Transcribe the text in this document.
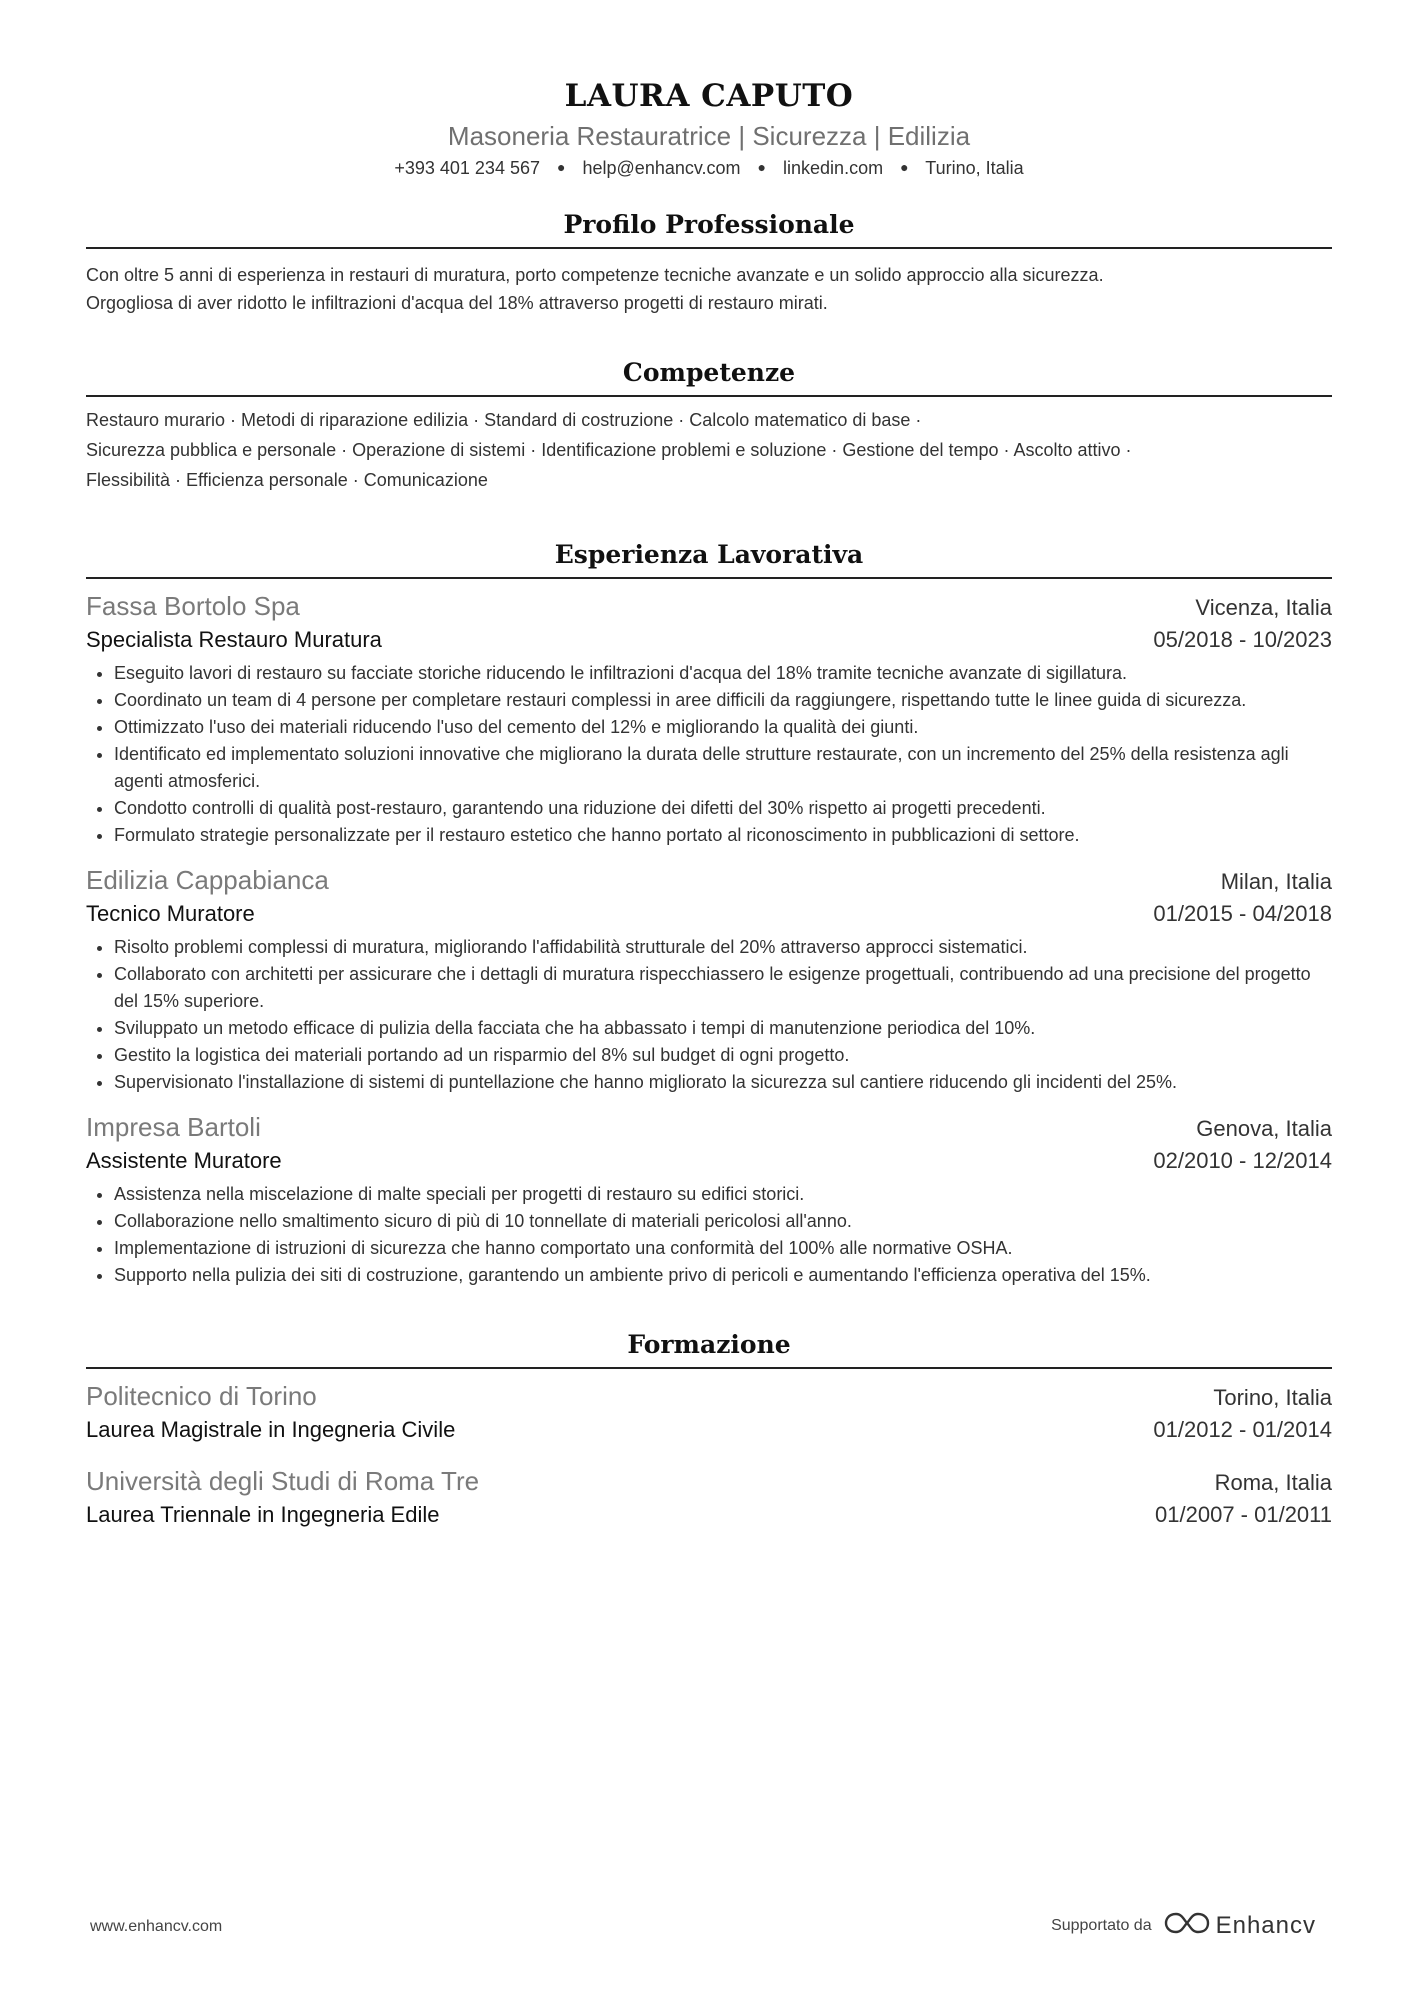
LAURA CAPUTO
Masoneria Restauratrice | Sicurezza | Edilizia
+393 401 234 567 ● help@enhancv.com ● linkedin.com ● Turino, Italia
Profilo Professionale
Con oltre 5 anni di esperienza in restauri di muratura, porto competenze tecniche avanzate e un solido approccio alla sicurezza.
Orgogliosa di aver ridotto le infiltrazioni d'acqua del 18% attraverso progetti di restauro mirati.
Competenze
Restauro murario · Metodi di riparazione edilizia · Standard di costruzione · Calcolo matematico di base ·
Sicurezza pubblica e personale · Operazione di sistemi · Identificazione problemi e soluzione · Gestione del tempo · Ascolto attivo ·
Flessibilità · Efficienza personale · Comunicazione
Esperienza Lavorativa
Fassa Bortolo Spa	Vicenza, Italia
Specialista Restauro Muratura	05/2018 - 10/2023
• Eseguito lavori di restauro su facciate storiche riducendo le infiltrazioni d'acqua del 18% tramite tecniche avanzate di sigillatura.
• Coordinato un team di 4 persone per completare restauri complessi in aree difficili da raggiungere, rispettando tutte le linee guida di sicurezza.
• Ottimizzato l'uso dei materiali riducendo l'uso del cemento del 12% e migliorando la qualità dei giunti.
• Identificato ed implementato soluzioni innovative che migliorano la durata delle strutture restaurate, con un incremento del 25% della resistenza agli agenti atmosferici.
• Condotto controlli di qualità post-restauro, garantendo una riduzione dei difetti del 30% rispetto ai progetti precedenti.
• Formulato strategie personalizzate per il restauro estetico che hanno portato al riconoscimento in pubblicazioni di settore.
Edilizia Cappabianca	Milan, Italia
Tecnico Muratore	01/2015 - 04/2018
• Risolto problemi complessi di muratura, migliorando l'affidabilità strutturale del 20% attraverso approcci sistematici.
• Collaborato con architetti per assicurare che i dettagli di muratura rispecchiassero le esigenze progettuali, contribuendo ad una precisione del progetto del 15% superiore.
• Sviluppato un metodo efficace di pulizia della facciata che ha abbassato i tempi di manutenzione periodica del 10%.
• Gestito la logistica dei materiali portando ad un risparmio del 8% sul budget di ogni progetto.
• Supervisionato l'installazione di sistemi di puntellazione che hanno migliorato la sicurezza sul cantiere riducendo gli incidenti del 25%.
Impresa Bartoli	Genova, Italia
Assistente Muratore	02/2010 - 12/2014
• Assistenza nella miscelazione di malte speciali per progetti di restauro su edifici storici.
• Collaborazione nello smaltimento sicuro di più di 10 tonnellate di materiali pericolosi all'anno.
• Implementazione di istruzioni di sicurezza che hanno comportato una conformità del 100% alle normative OSHA.
• Supporto nella pulizia dei siti di costruzione, garantendo un ambiente privo di pericoli e aumentando l'efficienza operativa del 15%.
Formazione
Politecnico di Torino	Torino, Italia
Laurea Magistrale in Ingegneria Civile	01/2012 - 01/2014
Università degli Studi di Roma Tre	Roma, Italia
Laurea Triennale in Ingegneria Edile	01/2007 - 01/2011
www.enhancv.com	Supportato da	Enhancv
